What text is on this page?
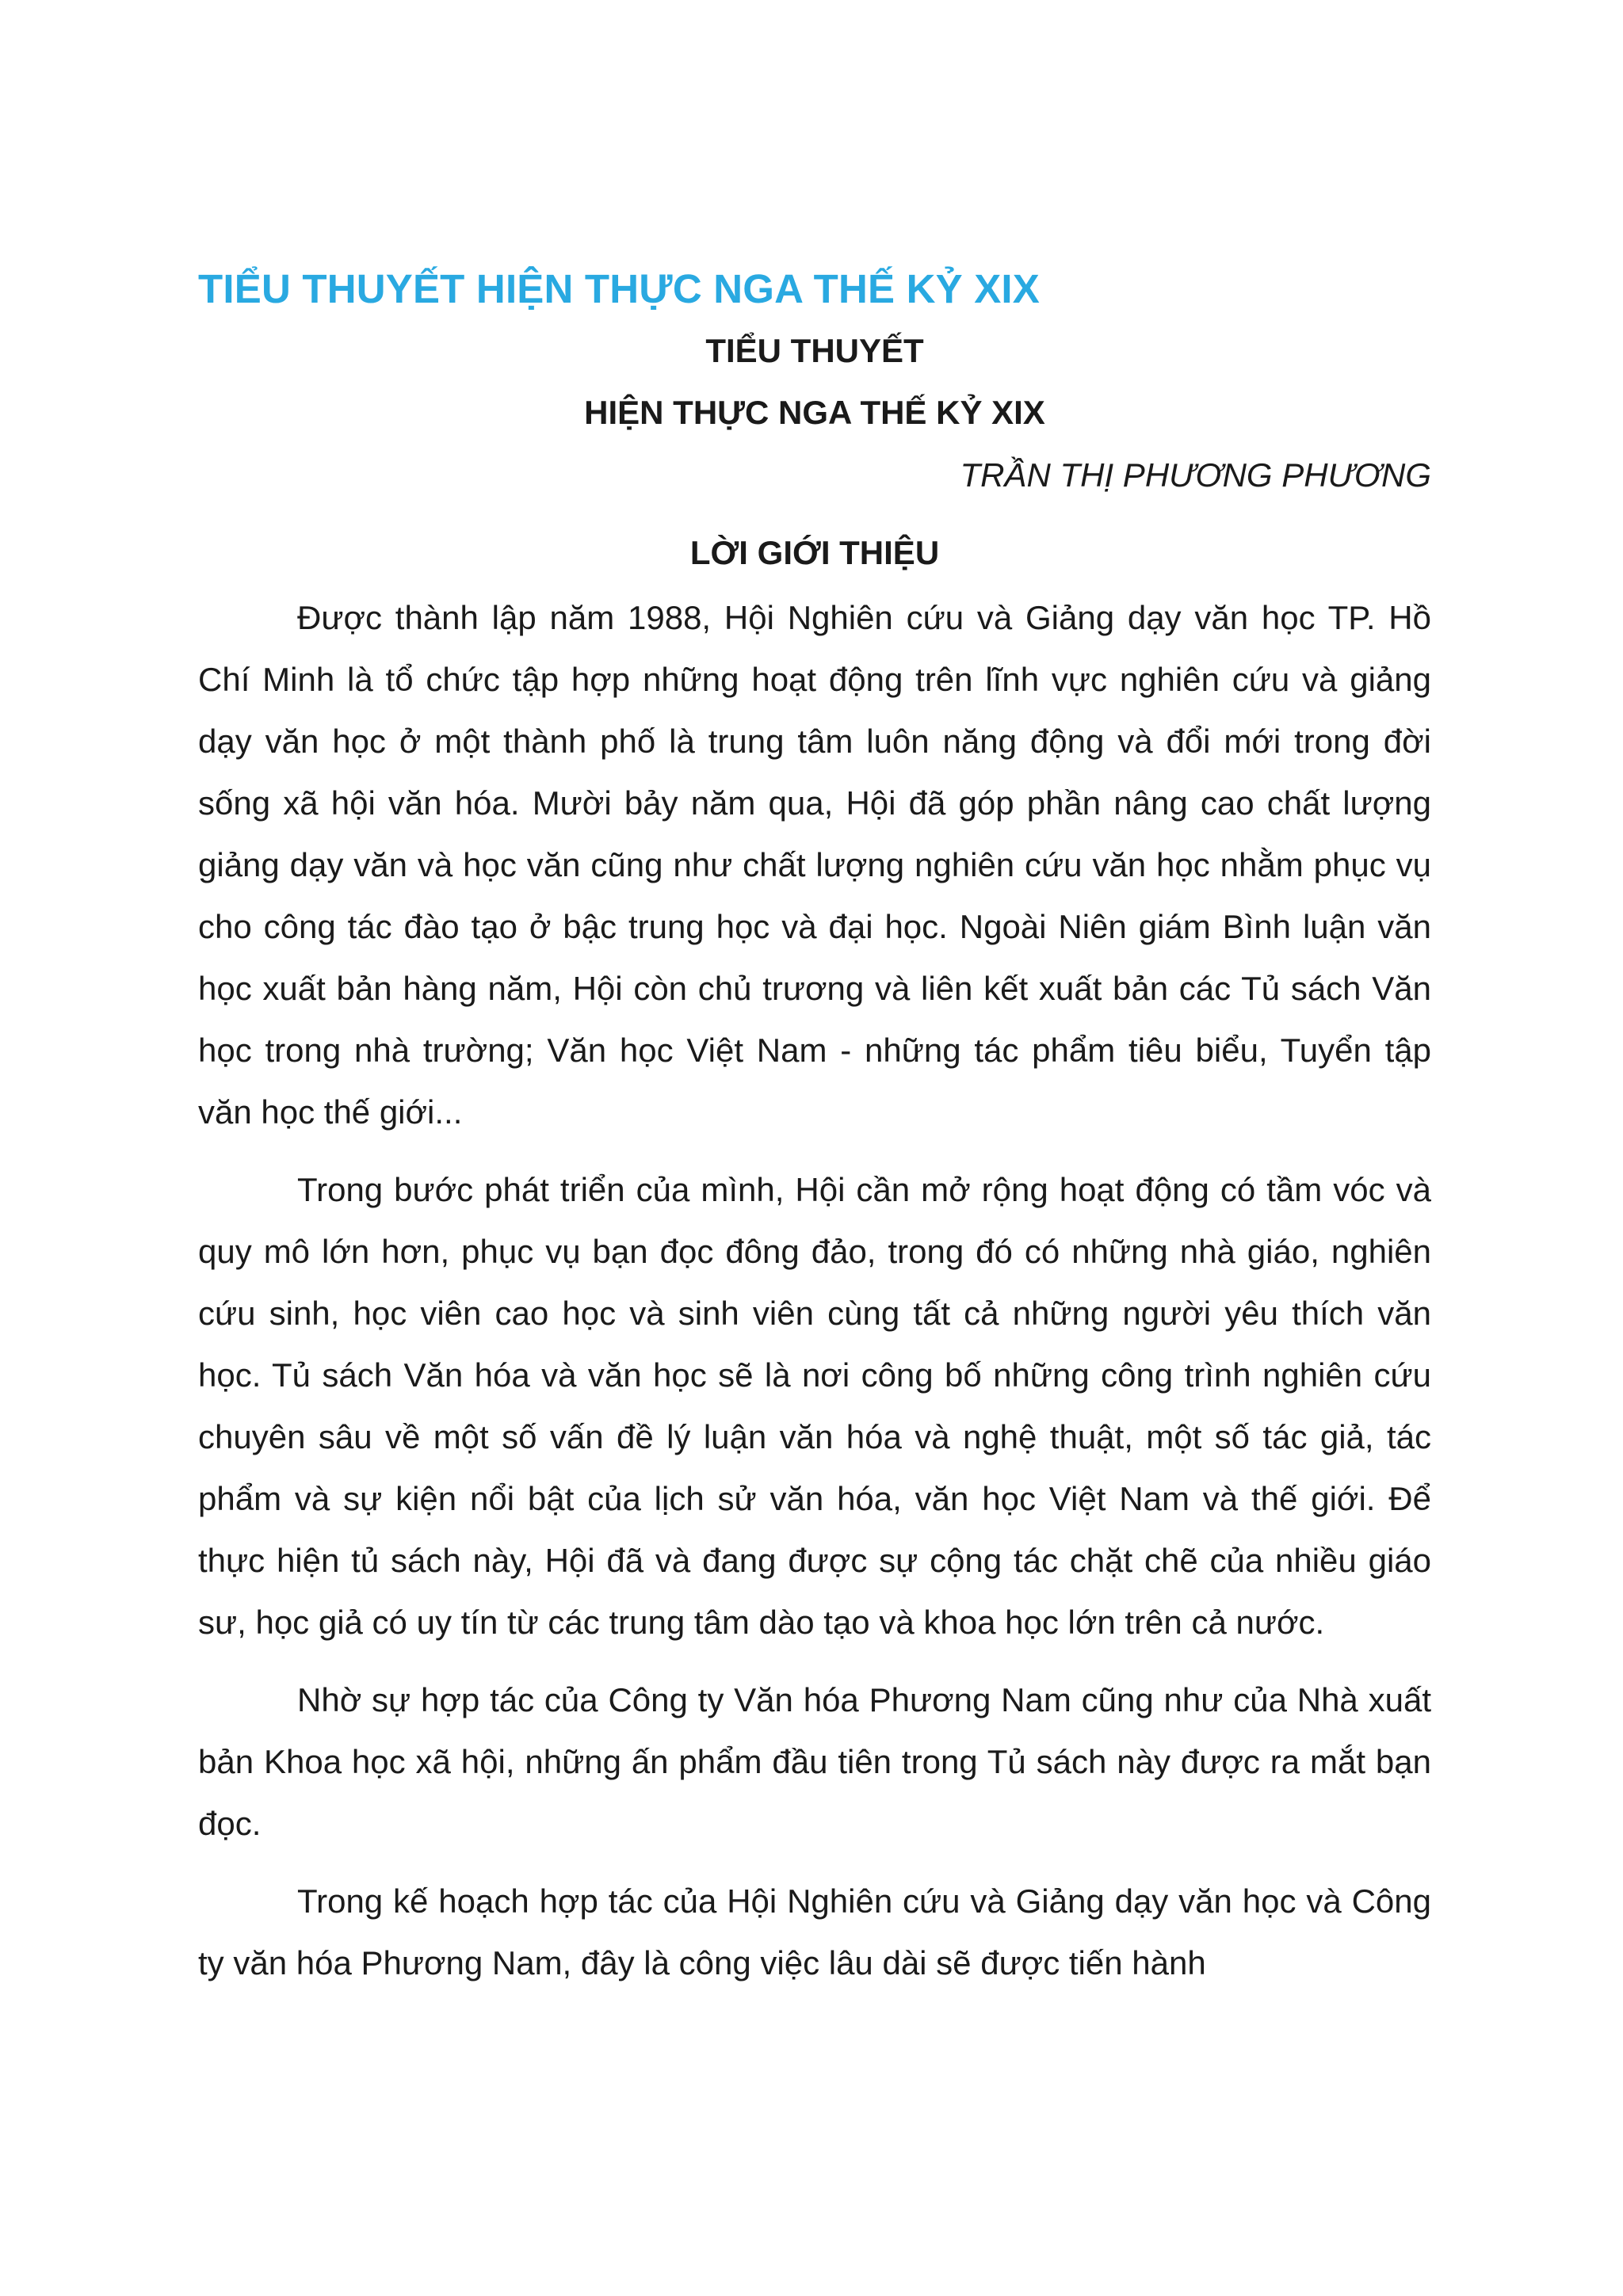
TIỂU THUYẾT HIỆN THỰC NGA THẾ KỶ XIX
TIỂU THUYẾT
HIỆN THỰC NGA THẾ KỶ XIX

TRẦN THỊ PHƯƠNG PHƯƠNG

LỜI GIỚI THIỆU

Được thành lập năm 1988, Hội Nghiên cứu và Giảng dạy văn học TP. Hồ Chí Minh là tổ chức tập hợp những hoạt động trên lĩnh vực nghiên cứu và giảng dạy văn học ở một thành phố là trung tâm luôn năng động và đổi mới trong đời sống xã hội văn hóa. Mười bảy năm qua, Hội đã góp phần nâng cao chất lượng giảng dạy văn và học văn cũng như chất lượng nghiên cứu văn học nhằm phục vụ cho công tác đào tạo ở bậc trung học và đại học. Ngoài Niên giám Bình luận văn học xuất bản hàng năm, Hội còn chủ trương và liên kết xuất bản các Tủ sách Văn học trong nhà trường; Văn học Việt Nam - những tác phẩm tiêu biểu, Tuyển tập văn học thế giới...

Trong bước phát triển của mình, Hội cần mở rộng hoạt động có tầm vóc và quy mô lớn hơn, phục vụ bạn đọc đông đảo, trong đó có những nhà giáo, nghiên cứu sinh, học viên cao học và sinh viên cùng tất cả những người yêu thích văn học. Tủ sách Văn hóa và văn học sẽ là nơi công bố những công trình nghiên cứu chuyên sâu về một số vấn đề lý luận văn hóa và nghệ thuật, một số tác giả, tác phẩm và sự kiện nổi bật của lịch sử văn hóa, văn học Việt Nam và thế giới. Để thực hiện tủ sách này, Hội đã và đang được sự cộng tác chặt chẽ của nhiều giáo sư, học giả có uy tín từ các trung tâm dào tạo và khoa học lớn trên cả nước.

Nhờ sự hợp tác của Công ty Văn hóa Phương Nam cũng như của Nhà xuất bản Khoa học xã hội, những ấn phẩm đầu tiên trong Tủ sách này được ra mắt bạn đọc.

Trong kế hoạch hợp tác của Hội Nghiên cứu và Giảng dạy văn học và Công ty văn hóa Phương Nam, đây là công việc lâu dài sẽ được tiến hành
